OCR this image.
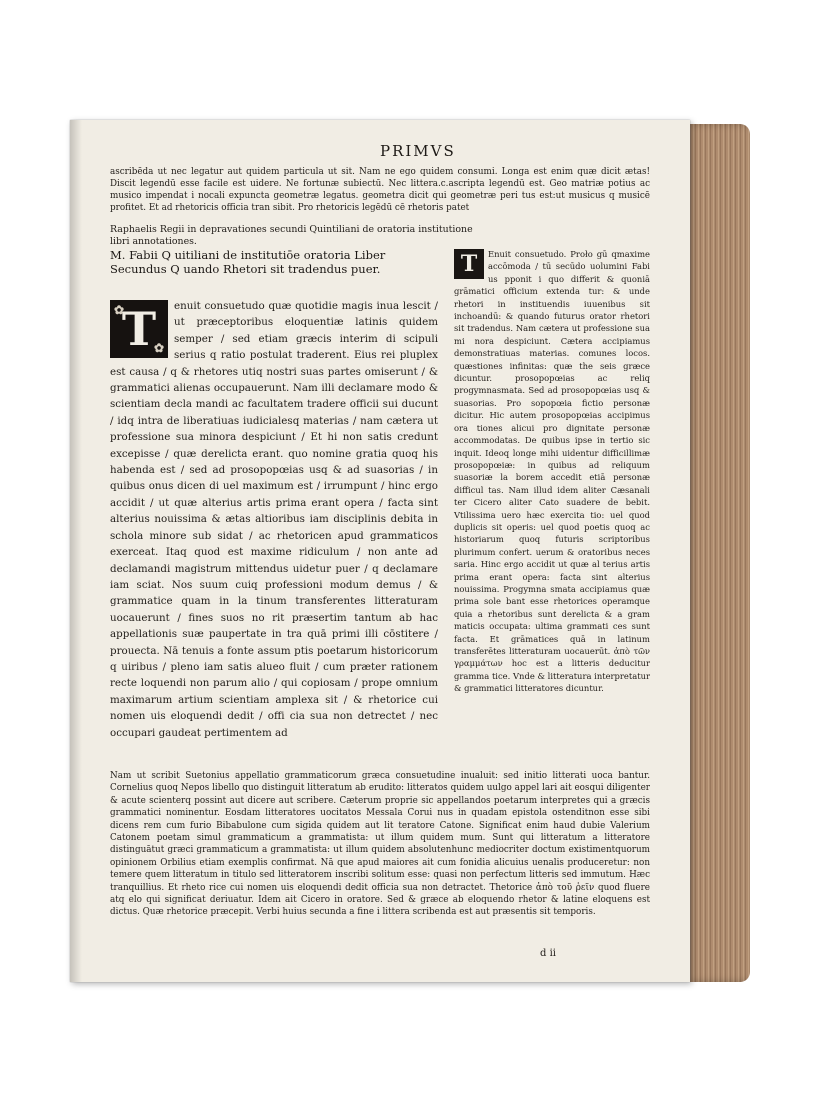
PRIMVS
ascribēda ut nec legatur aut quidem particula ut sit. Nam ne ego quidem consumi. Longa est enim quæ dicit ætas! Discit legendū esse facile est uidere. Ne fortunæ subiectū. Nec littera.c.ascripta legendū est. Geo matriæ potius ac musico impendat i nocali expuncta geometræ legatus. geometra dicit qui geometræ peri tus est:ut musicus q musicē profitet. Et ad rhetoricis officia tran sibit. Pro rhetoricis legēdū cē rhetoris patet
Raphaelis Regii in depravationes secundi Quintiliani de oratoria institutione libri annotationes.
M. Fabii Q uitiliani de institutiōe oratoria Liber Secundus Q uando Rhetori sit tradendus puer.
✿ T ✿	enuit consuetudo quæ quotidie magis inua lescit / ut præceptoribus eloquentiæ latinis quidem semper / sed etiam græcis interim di scipuli serius q ratio postulat traderent. Eius rei pluplex est causa / q & rhetores utiq nostri suas partes omiserunt / & grammatici alienas occupauerunt. Nam illi declamare modo & scientiam decla mandi ac facultatem tradere officii sui ducunt / idq intra de liberatiuas iudicialesq materias / nam cætera ut professione sua minora despiciunt / Et hi non satis credunt excepisse / quæ derelicta erant. quo nomine gratia quoq his habenda est / sed ad prosopopœias usq & ad suasorias / in quibus onus dicen di uel maximum est / irrumpunt / hinc ergo accidit / ut quæ alterius artis prima erant opera / facta sint alterius nouissima & ætas altioribus iam disciplinis debita in schola minore sub sidat / ac rhetoricen apud grammaticos exerceat. Itaq quod est maxime ridiculum / non ante ad declamandi magistrum mittendus uidetur puer / q declamare iam sciat. Nos suum cuiq professioni modum demus / & grammatice quam in la tinum transferentes litteraturam uocauerunt / fines suos no rit præsertim tantum ab hac appellationis suæ paupertate in tra quā primi illi cōstitere / prouecta. Nā tenuis a fonte assum ptis poetarum historicorum q uiribus / pleno iam satis alueo fluit / cum præter rationem recte loquendi non parum alio / qui copiosam / prope omnium maximarum artium scientiam amplexa sit / & rhetorice cui nomen uis eloquendi dedit / offi cia sua non detrectet / nec occupari gaudeat pertimentem ad
T	Enuit consuetudo. Proło gū qmaxime accōmoda / tū secūdo uolumini Fabi us pponit i quo differit & quoniā grāmatici officium extenda tur: & unde rhetori in instituendis iuuenibus sit inchoandū: & quando futurus orator rhetori sit tradendus. Nam cætera ut professione sua mi nora despiciunt. Cætera accipiamus demonstratiuas materias. comunes locos. quæstiones infinitas: quæ the seis græce dicuntur. prosopopœias ac reliq progymnasmata. Sed ad prosopopœias usq & suasorias. Pro sopopœia fictio personæ dicitur. Hic autem prosopopœias accipimus ora tiones alicui pro dignitate personæ accommodatas. De quibus ipse in tertio sic inquit. Ideoq longe mihi uidentur difficillimæ prosopopœiæ: in quibus ad reliquum suasoriæ la borem accedit etiā personæ difficul tas. Nam illud idem aliter Cæsanali ter Cicero aliter Cato suadere de bebit. Vtilissima uero hæc exercita tio: uel quod duplicis sit operis: uel quod poetis quoq ac historiarum quoq futuris scriptoribus plurimum confert. uerum & oratoribus neces saria. Hinc ergo accidit ut quæ al terius artis prima erant opera: facta sint alterius nouissima. Progymna smata accipiamus quæ prima sole bant esse rhetorices operamque quia a rhetoribus sunt derelicta & a gram maticis occupata: ultima grammati ces sunt facta. Et grāmatices quā in latinum transferētes litteraturam uocauerūt. ἀπὸ τῶν γραμμάτων hoc est a litteris deducitur gramma tice. Vnde & litteratura interpretatur & grammatici litteratores dicuntur.
Nam ut scribit Suetonius appellatio grammaticorum græca consuetudine inualuit: sed initio litterati uoca bantur. Cornelius quoq Nepos libello quo distinguit litteratum ab erudito: litteratos quidem uulgo appel lari ait eosqui diligenter & acute scienterq possint aut dicere aut scribere. Cæterum proprie sic appellandos poetarum interpretes qui a græcis grammatici nominentur. Eosdam litteratores uocitatos Messala Corui nus in quadam epistola ostenditnon esse sibi dicens rem cum furio Bibabulone cum sigida quidem aut lit teratore Catone. Significat enim haud dubie Valerium Catonem poetam simul grammaticum a grammatista: ut illum quidem mum. Sunt qui litteratum a litteratore distinguātut græci grammaticum a grammatista: ut illum quidem absolutenhunc mediocriter doctum existimentquorum opinionem Orbilius etiam exemplis confirmat. Nā que apud maiores ait cum fonidia alicuius uenalis produceretur: non temere quem litteratum in titulo sed litteratorem inscribi solitum esse: quasi non perfectum litteris sed immutum. Hæc tranquillius. Et rheto rice cui nomen uis eloquendi dedit officia sua non detractet. Thetorice ἀπὸ τοῦ ῥεῖν quod fluere atq elo qui significat deriuatur. Idem ait Cicero in oratore. Sed & græce ab eloquendo rhetor & latine eloquens est dictus. Quæ rhetorice præcepit. Verbi huius secunda a fine i littera scribenda est aut præsentis sit temporis.
d ii
